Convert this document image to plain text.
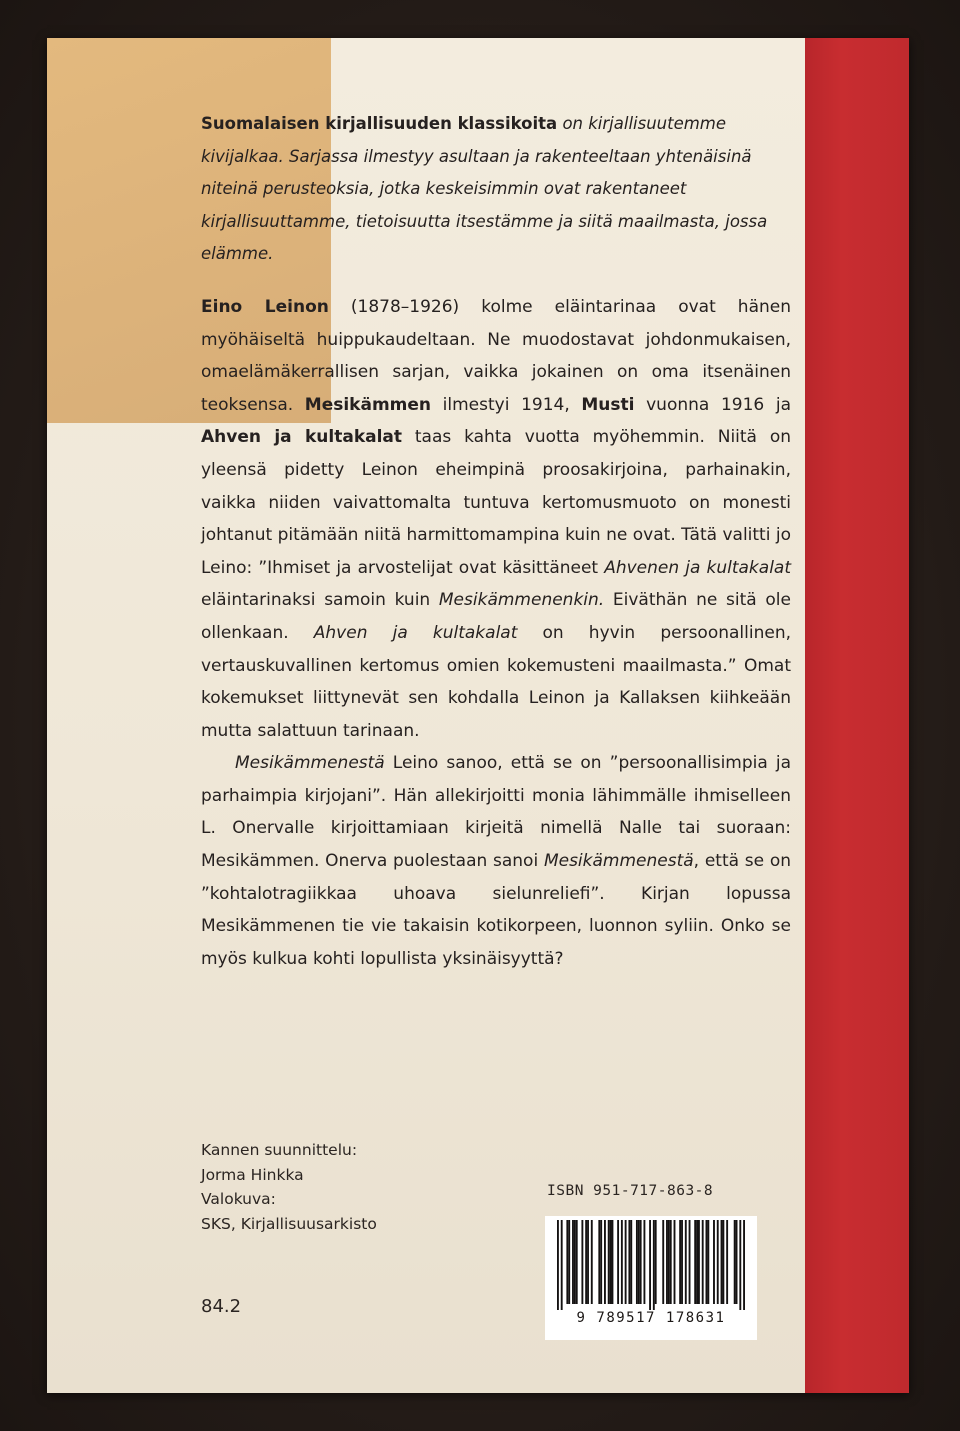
Suomalaisen kirjallisuuden klassikoita on kirjallisuutemme kivijalkaa. Sarjassa ilmestyy asultaan ja rakenteeltaan yhtenäisinä niteinä perusteoksia, jotka keskeisimmin ovat rakentaneet kirjallisuuttamme, tietoisuutta itsestämme ja siitä maailmasta, jossa elämme.

Eino Leinon (1878–1926) kolme eläintarinaa ovat hänen myöhäiseltä huippukaudeltaan. Ne muodostavat johdonmukaisen, omaelämäkerrallisen sarjan, vaikka jokainen on oma itsenäinen teoksensa. Mesikämmen ilmestyi 1914, Musti vuonna 1916 ja Ahven ja kultakalat taas kahta vuotta myöhemmin. Niitä on yleensä pidetty Leinon eheimpinä proosakirjoina, parhainakin, vaikka niiden vaivattomalta tuntuva kertomusmuoto on monesti johtanut pitämään niitä harmittomampina kuin ne ovat. Tätä valitti jo Leino: ”Ihmiset ja arvostelijat ovat käsittäneet Ahvenen ja kultakalat eläintarinaksi samoin kuin Mesikämmenenkin. Eiväthän ne sitä ole ollenkaan. Ahven ja kultakalat on hyvin persoonallinen, vertauskuvallinen kertomus omien kokemusteni maailmasta.” Omat kokemukset liittynevät sen kohdalla Leinon ja Kallaksen kiihkeään mutta salattuun tarinaan.

Mesikämmenestä Leino sanoo, että se on ”persoonallisimpia ja parhaimpia kirjojani”. Hän allekirjoitti monia lähimmälle ihmiselleen L. Onervalle kirjoittamiaan kirjeitä nimellä Nalle tai suoraan: Mesikämmen. Onerva puolestaan sanoi Mesikämmenestä, että se on ”kohtalotragiikkaa uhoava sielunreliefi”. Kirjan lopussa Mesikämmenen tie vie takaisin kotikorpeen, luonnon syliin. Onko se myös kulkua kohti lopullista yksinäisyyttä?

Kannen suunnittelu:
Jorma Hinkka
Valokuva:
SKS, Kirjallisuusarkisto
84.2
ISBN 951-717-863-8
9 789517 178631
